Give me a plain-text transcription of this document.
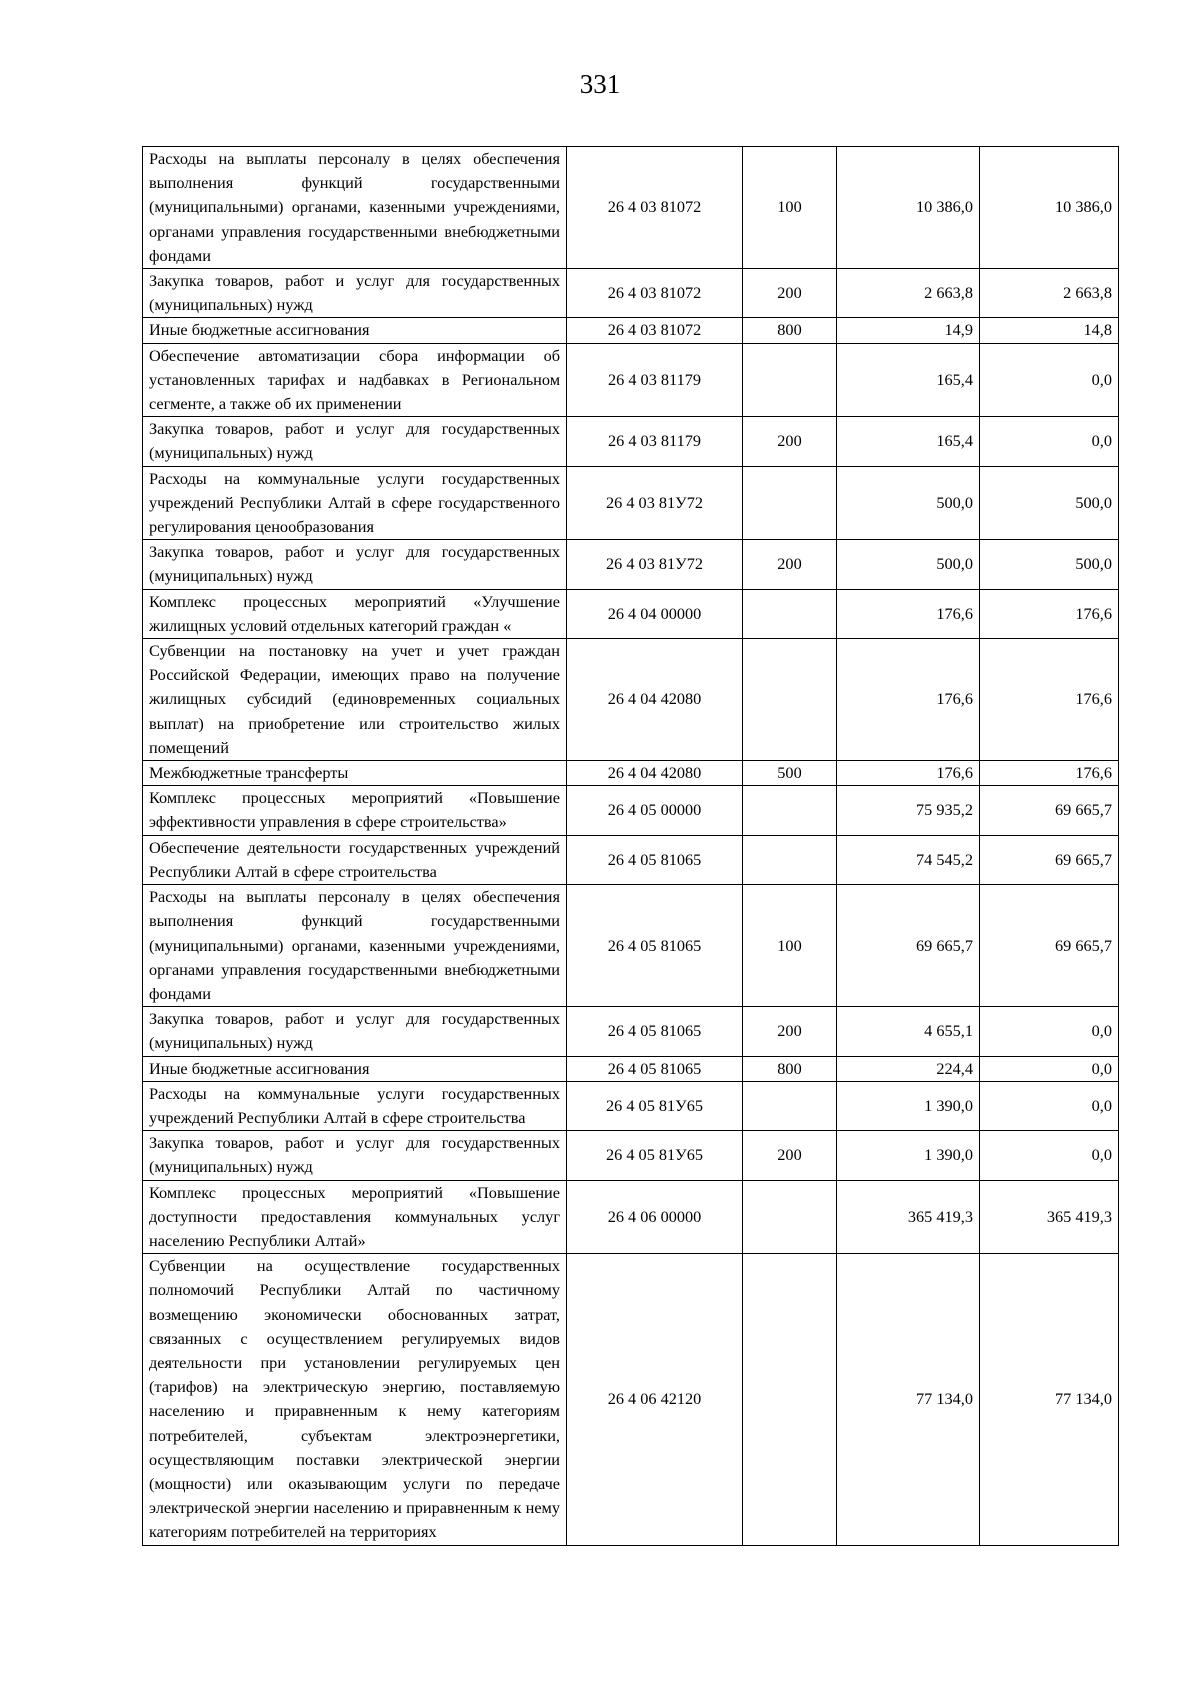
331
Расходы на выплаты персоналу в целях обеспечения выполнения функций государственными (муниципальными) органами, казенными учреждениями, органами управления государственными внебюджетными фондами	26 4 03 81072	100	10 386,0	10 386,0
Закупка товаров, работ и услуг для государственных (муниципальных) нужд	26 4 03 81072	200	2 663,8	2 663,8
Иные бюджетные ассигнования	26 4 03 81072	800	14,9	14,8
Обеспечение автоматизации сбора информации об установленных тарифах и надбавках в Региональном сегменте, а также об их применении	26 4 03 81179		165,4	0,0
Закупка товаров, работ и услуг для государственных (муниципальных) нужд	26 4 03 81179	200	165,4	0,0
Расходы на коммунальные услуги государственных учреждений Республики Алтай в сфере государственного регулирования ценообразования	26 4 03 81У72		500,0	500,0
Закупка товаров, работ и услуг для государственных (муниципальных) нужд	26 4 03 81У72	200	500,0	500,0
Комплекс процессных мероприятий «Улучшение жилищных условий отдельных категорий граждан «	26 4 04 00000		176,6	176,6
Субвенции на постановку на учет и учет граждан Российской Федерации, имеющих право на получение жилищных субсидий (единовременных социальных выплат) на приобретение или строительство жилых помещений	26 4 04 42080		176,6	176,6
Межбюджетные трансферты	26 4 04 42080	500	176,6	176,6
Комплекс процессных мероприятий «Повышение эффективности управления в сфере строительства»	26 4 05 00000		75 935,2	69 665,7
Обеспечение деятельности государственных учреждений Республики Алтай в сфере строительства	26 4 05 81065		74 545,2	69 665,7
Расходы на выплаты персоналу в целях обеспечения выполнения функций государственными (муниципальными) органами, казенными учреждениями, органами управления государственными внебюджетными фондами	26 4 05 81065	100	69 665,7	69 665,7
Закупка товаров, работ и услуг для государственных (муниципальных) нужд	26 4 05 81065	200	4 655,1	0,0
Иные бюджетные ассигнования	26 4 05 81065	800	224,4	0,0
Расходы на коммунальные услуги государственных учреждений Республики Алтай в сфере строительства	26 4 05 81У65		1 390,0	0,0
Закупка товаров, работ и услуг для государственных (муниципальных) нужд	26 4 05 81У65	200	1 390,0	0,0
Комплекс процессных мероприятий «Повышение доступности предоставления коммунальных услуг населению Республики Алтай»	26 4 06 00000		365 419,3	365 419,3
Субвенции на осуществление государственных полномочий Республики Алтай по частичному возмещению экономически обоснованных затрат, связанных с осуществлением регулируемых видов деятельности при установлении регулируемых цен (тарифов) на электрическую энергию, поставляемую населению и приравненным к нему категориям потребителей, субъектам электроэнергетики, осуществляющим поставки электрической энергии (мощности) или оказывающим услуги по передаче электрической энергии населению и приравненным к нему категориям потребителей на территориях	26 4 06 42120		77 134,0	77 134,0
